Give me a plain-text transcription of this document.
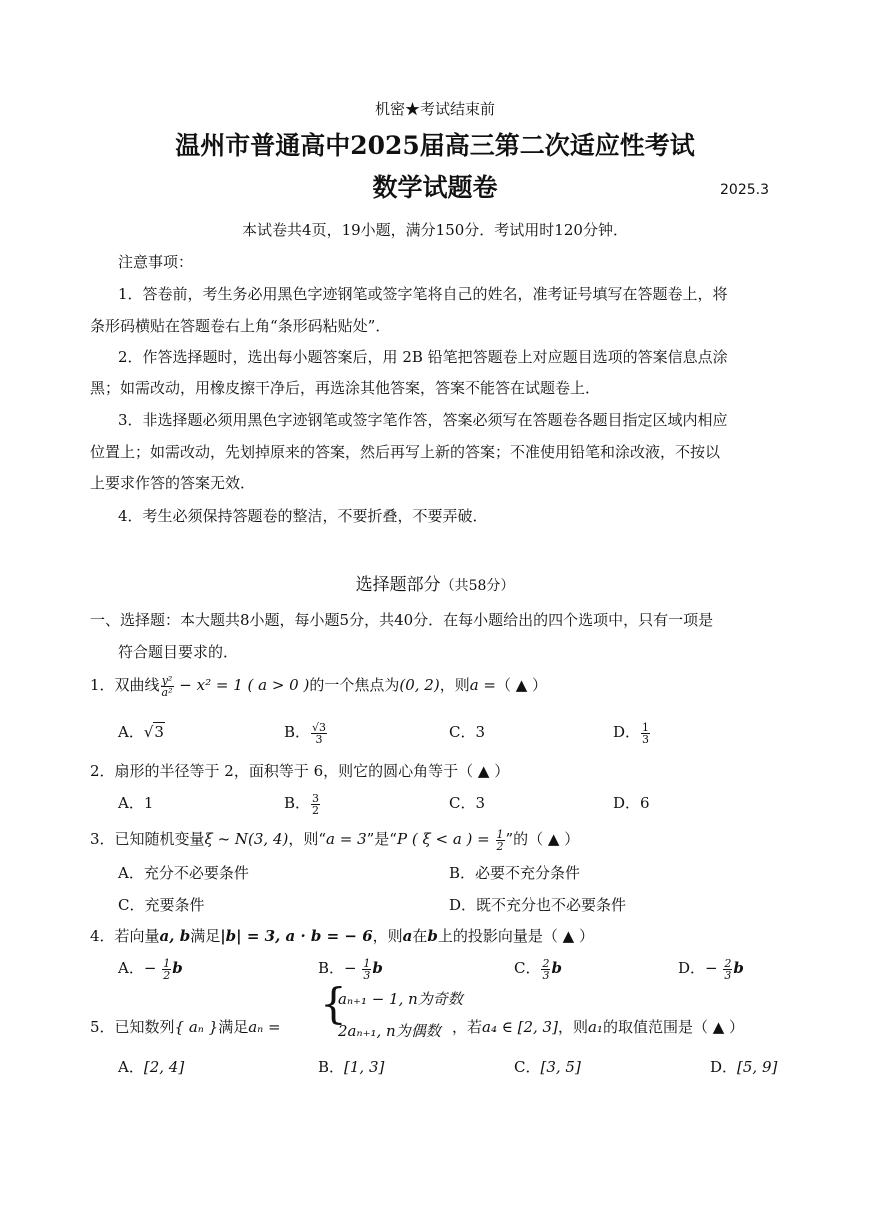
机密★考试结束前
温州市普通高中2025届高三第二次适应性考试
数学试题卷	2025.3
本试卷共4页，19小题，满分150分．考试用时120分钟．
注意事项：
1．答卷前，考生务必用黑色字迹钢笔或签字笔将自己的姓名，准考证号填写在答题卷上，将
条形码横贴在答题卷右上角“条形码粘贴处”．
2．作答选择题时，选出每小题答案后，用 2B 铅笔把答题卷上对应题目选项的答案信息点涂
黑；如需改动，用橡皮擦干净后，再选涂其他答案，答案不能答在试题卷上．
3．非选择题必须用黑色字迹钢笔或签字笔作答，答案必须写在答题卷各题目指定区域内相应
位置上；如需改动，先划掉原来的答案，然后再写上新的答案；不准使用铅笔和涂改液，不按以
上要求作答的答案无效．
4．考生必须保持答题卷的整洁，不要折叠，不要弄破．
选择题部分（共58分）
一、选择题：本大题共8小题，每小题5分，共40分．在每小题给出的四个选项中，只有一项是
符合题目要求的．
1．双曲线 $\frac{\text{y²}}{\text{a²}} - x^2 = 1$ ( a > 0 )的一个焦点为(0, 2)，则a =（ ▲ ）
A．√3	B． $\frac{√3}{3}$	C．3	D． $\frac{1}{3}$
2．扇形的半径等于 2，面积等于 6，则它的圆心角等于（ ▲ ）
A．1	B． $\frac{3}{2}$	C．3	D．6
3．已知随机变量ξ ~ N(3, 4)，则“a = 3”是“P ( ξ < a ) = $\frac{1}{2}$ ”的（ ▲ ）
A．充分不必要条件	B．必要不充分条件
C．充要条件	D．既不充分也不必要条件
4．若向量a, b满足|b| = 3, a · b = − 6，则a在b上的投影向量是（ ▲ ）
A．− $\frac{1}{2}$ b	B．− $\frac{1}{3}$ b	C． $\frac{2}{3}$ b	D．− $\frac{2}{3}$ b
5．已知数列{ aₙ }满足aₙ = {
aₙ₊₁ − 1, n为奇数
2aₙ₊₁, n为偶数 ，若a₄ ∈ [2, 3]，则a₁的取值范围是（ ▲ ）
A．[2, 4]	B．[1, 3]	C．[3, 5]	D．[5, 9]
